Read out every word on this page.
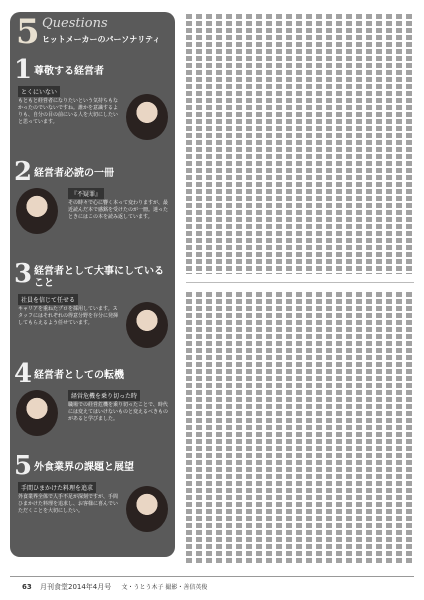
5 Questions
ヒットメーカーのパーソナリティ
1 尊敬する経営者
とくにいない
もともと経営者になりたいという気持ちもなかったのでいないですね。誰かを意識するよりも、自分の目の前にいる人を大切にしたいと思っています。
2 経営者必読の一冊
『不疑罪』
その時々で心に響く本って変わりますが、最近読んだ本で感銘を受けたのが一冊。迷ったときにはこの本を読み返しています。
3 経営者として大事にしていること
社員を信じて任せる
キャリアを重ねたプロを採用しています。スタッフにはそれぞれの得意分野を存分に発揮してもらえるよう任せています。
4 経営者としての転機
経営危機を乗り切った時
職場での経営危機を乗り切ったことで、時代には変えてはいけないものと変えるべきものがあると学びました。
5 外食業界の課題と展望
手間ひまかけた料理を追求
外食業界全体で人手不足が深刻ですが、手間ひまかけた料理を追求し、お客様に喜んでいただくことを大切にしたい。
63 月刊食堂2014年4月号 文・うとう木子 撮影・善信英俊
